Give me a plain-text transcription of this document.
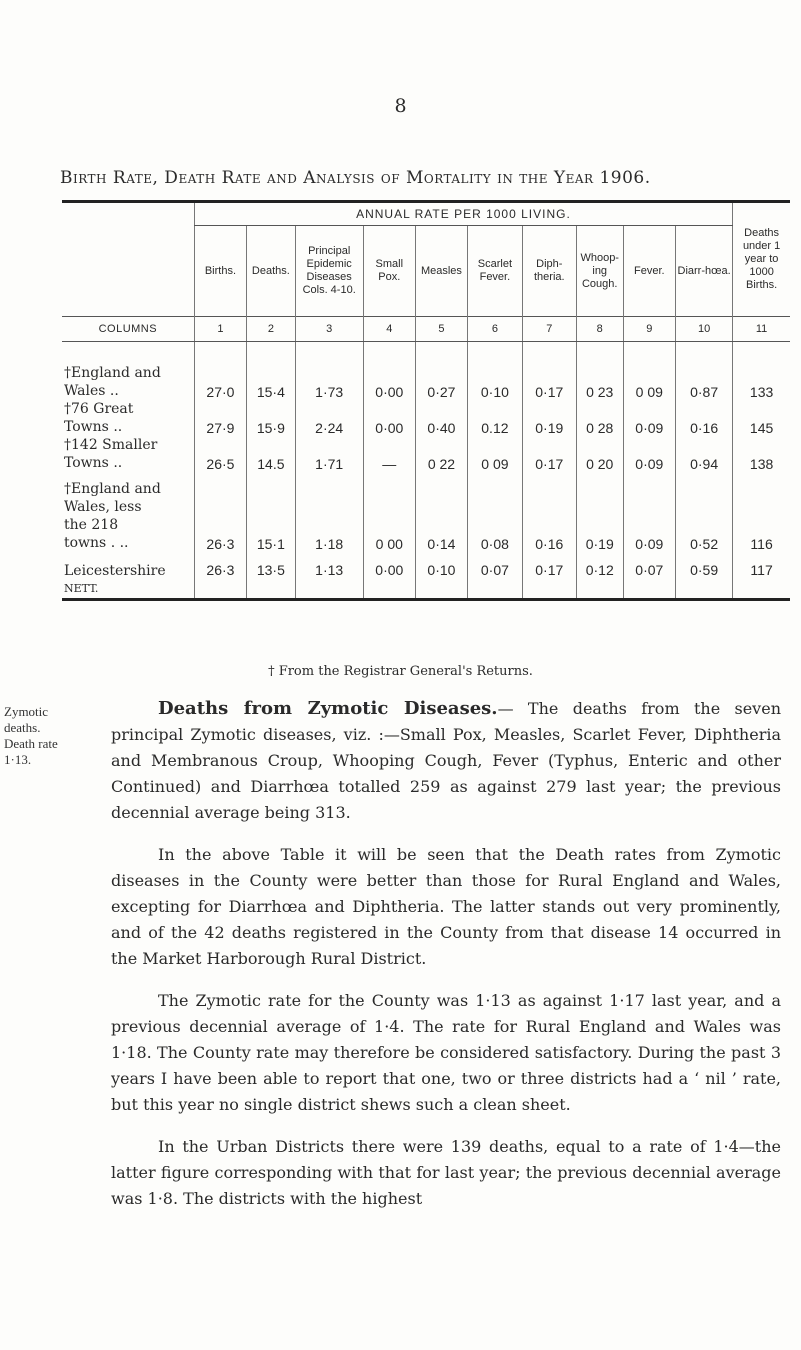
8
Birth Rate, Death Rate and Analysis of Mortality in the Year 1906.

	ANNUAL RATE PER 1000 LIVING.										Deaths under 1 year to 1000 Births.
	Births.	Deaths.	Principal Epidemic Diseases Cols. 4-10.	Small Pox.	Measles	Scarlet Fever.	Diph-theria.	Whoop-ing Cough.	Fever.	Diarr-hœa.	
COLUMNS	1	2	3	4	5	6	7	8	9	10	11

†England and
Wales ..	27·0	15·4	1·73	0·00	0·27	0·10	0·17	0 23	0 09	0·87	133

†76 Great
Towns ..	27·9	15·9	2·24	0·00	0·40	0.12	0·19	0 28	0·09	0·16	145

†142 Smaller
Towns ..	26·5	14.5	1·71	—	0 22	0 09	0·17	0 20	0·09	0·94	138

†England and
Wales, less
the 218
towns . ..	26·3	15·1	1·18	0 00	0·14	0·08	0·16	0·19	0·09	0·52	116

Leicestershire
NETT.	26·3	13·5	1·13	0·00	0·10	0·07	0·17	0·12	0·07	0·59	117

† From the Registrar General's Returns.
Zymotic
deaths.
Death rate
1·13.

Deaths from Zymotic Diseases.— The deaths from the seven principal Zymotic diseases, viz. :—Small Pox, Measles, Scarlet Fever, Diphtheria and Membranous Croup, Whooping Cough, Fever (Typhus, Enteric and other Continued) and Diarrhœa totalled 259 as against 279 last year; the previous decennial average being 313.

In the above Table it will be seen that the Death rates from Zymotic diseases in the County were better than those for Rural England and Wales, excepting for Diarrhœa and Diphtheria. The latter stands out very prominently, and of the 42 deaths registered in the County from that disease 14 occurred in the Market Harborough Rural District.

The Zymotic rate for the County was 1·13 as against 1·17 last year, and a previous decennial average of 1·4. The rate for Rural England and Wales was 1·18. The County rate may therefore be considered satisfactory. During the past 3 years I have been able to report that one, two or three districts had a ‘ nil ’ rate, but this year no single district shews such a clean sheet.

In the Urban Districts there were 139 deaths, equal to a rate of 1·4—the latter figure corresponding with that for last year; the previous decennial average was 1·8. The districts with the highest
